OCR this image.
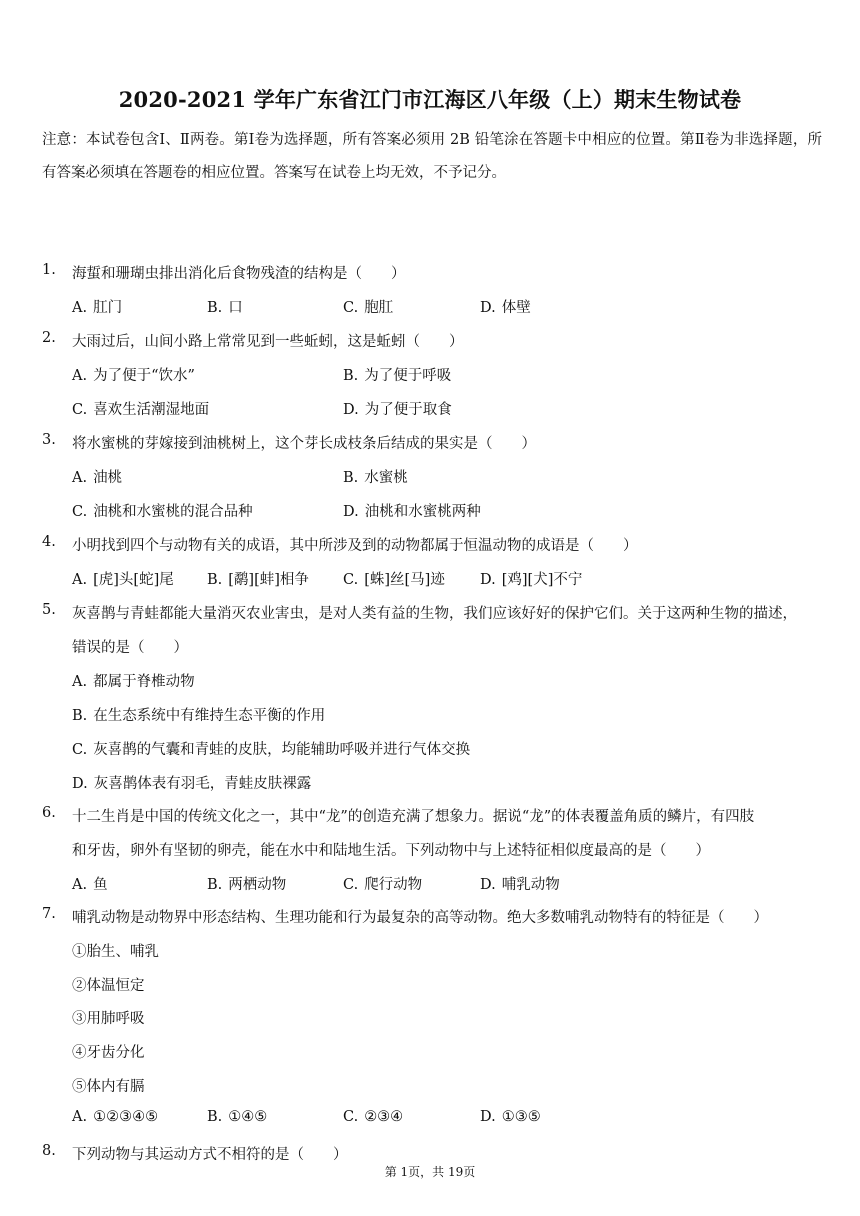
2020-2021 学年广东省江门市江海区八年级（上）期末生物试卷
注意：本试卷包含Ⅰ、Ⅱ两卷。第Ⅰ卷为选择题，所有答案必须用 2B 铅笔涂在答题卡中相应的位置。第Ⅱ卷为非选择题，所有答案必须填在答题卷的相应位置。答案写在试卷上均无效，不予记分。
1. 海蜇和珊瑚虫排出消化后食物残渣的结构是（　　）
A. 肛门	B. 口	C. 胞肛	D. 体壁
2. 大雨过后，山间小路上常常见到一些蚯蚓，这是蚯蚓（　　）
A. 为了便于“饮水”	B. 为了便于呼吸
C. 喜欢生活潮湿地面	D. 为了便于取食
3. 将水蜜桃的芽嫁接到油桃树上，这个芽长成枝条后结成的果实是（　　）
A. 油桃	B. 水蜜桃
C. 油桃和水蜜桃的混合品种	D. 油桃和水蜜桃两种
4. 小明找到四个与动物有关的成语，其中所涉及到的动物都属于恒温动物的成语是（　　）
A. [虎]头[蛇]尾 B. [鹬][蚌]相争 C. [蛛]丝[马]迹 D. [鸡][犬]不宁
5. 灰喜鹊与青蛙都能大量消灭农业害虫，是对人类有益的生物，我们应该好好的保护它们。关于这两种生物的描述，
错误的是（　　）
A. 都属于脊椎动物
B. 在生态系统中有维持生态平衡的作用
C. 灰喜鹊的气囊和青蛙的皮肤，均能辅助呼吸并进行气体交换
D. 灰喜鹊体表有羽毛，青蛙皮肤裸露
6. 十二生肖是中国的传统文化之一，其中“龙”的创造充满了想象力。据说“龙”的体表覆盖角质的鳞片，有四肢
和牙齿，卵外有坚韧的卵壳，能在水中和陆地生活。下列动物中与上述特征相似度最高的是（　　）
A. 鱼	B. 两栖动物	C. 爬行动物	D. 哺乳动物
7. 哺乳动物是动物界中形态结构、生理功能和行为最复杂的高等动物。绝大多数哺乳动物特有的特征是（　　）
①胎生、哺乳
②体温恒定
③用肺呼吸
④牙齿分化
⑤体内有膈
A. ①②③④⑤	B. ①④⑤	C. ②③④	D. ①③⑤
8. 下列动物与其运动方式不相符的是（　　）
第 1页，共 19页
